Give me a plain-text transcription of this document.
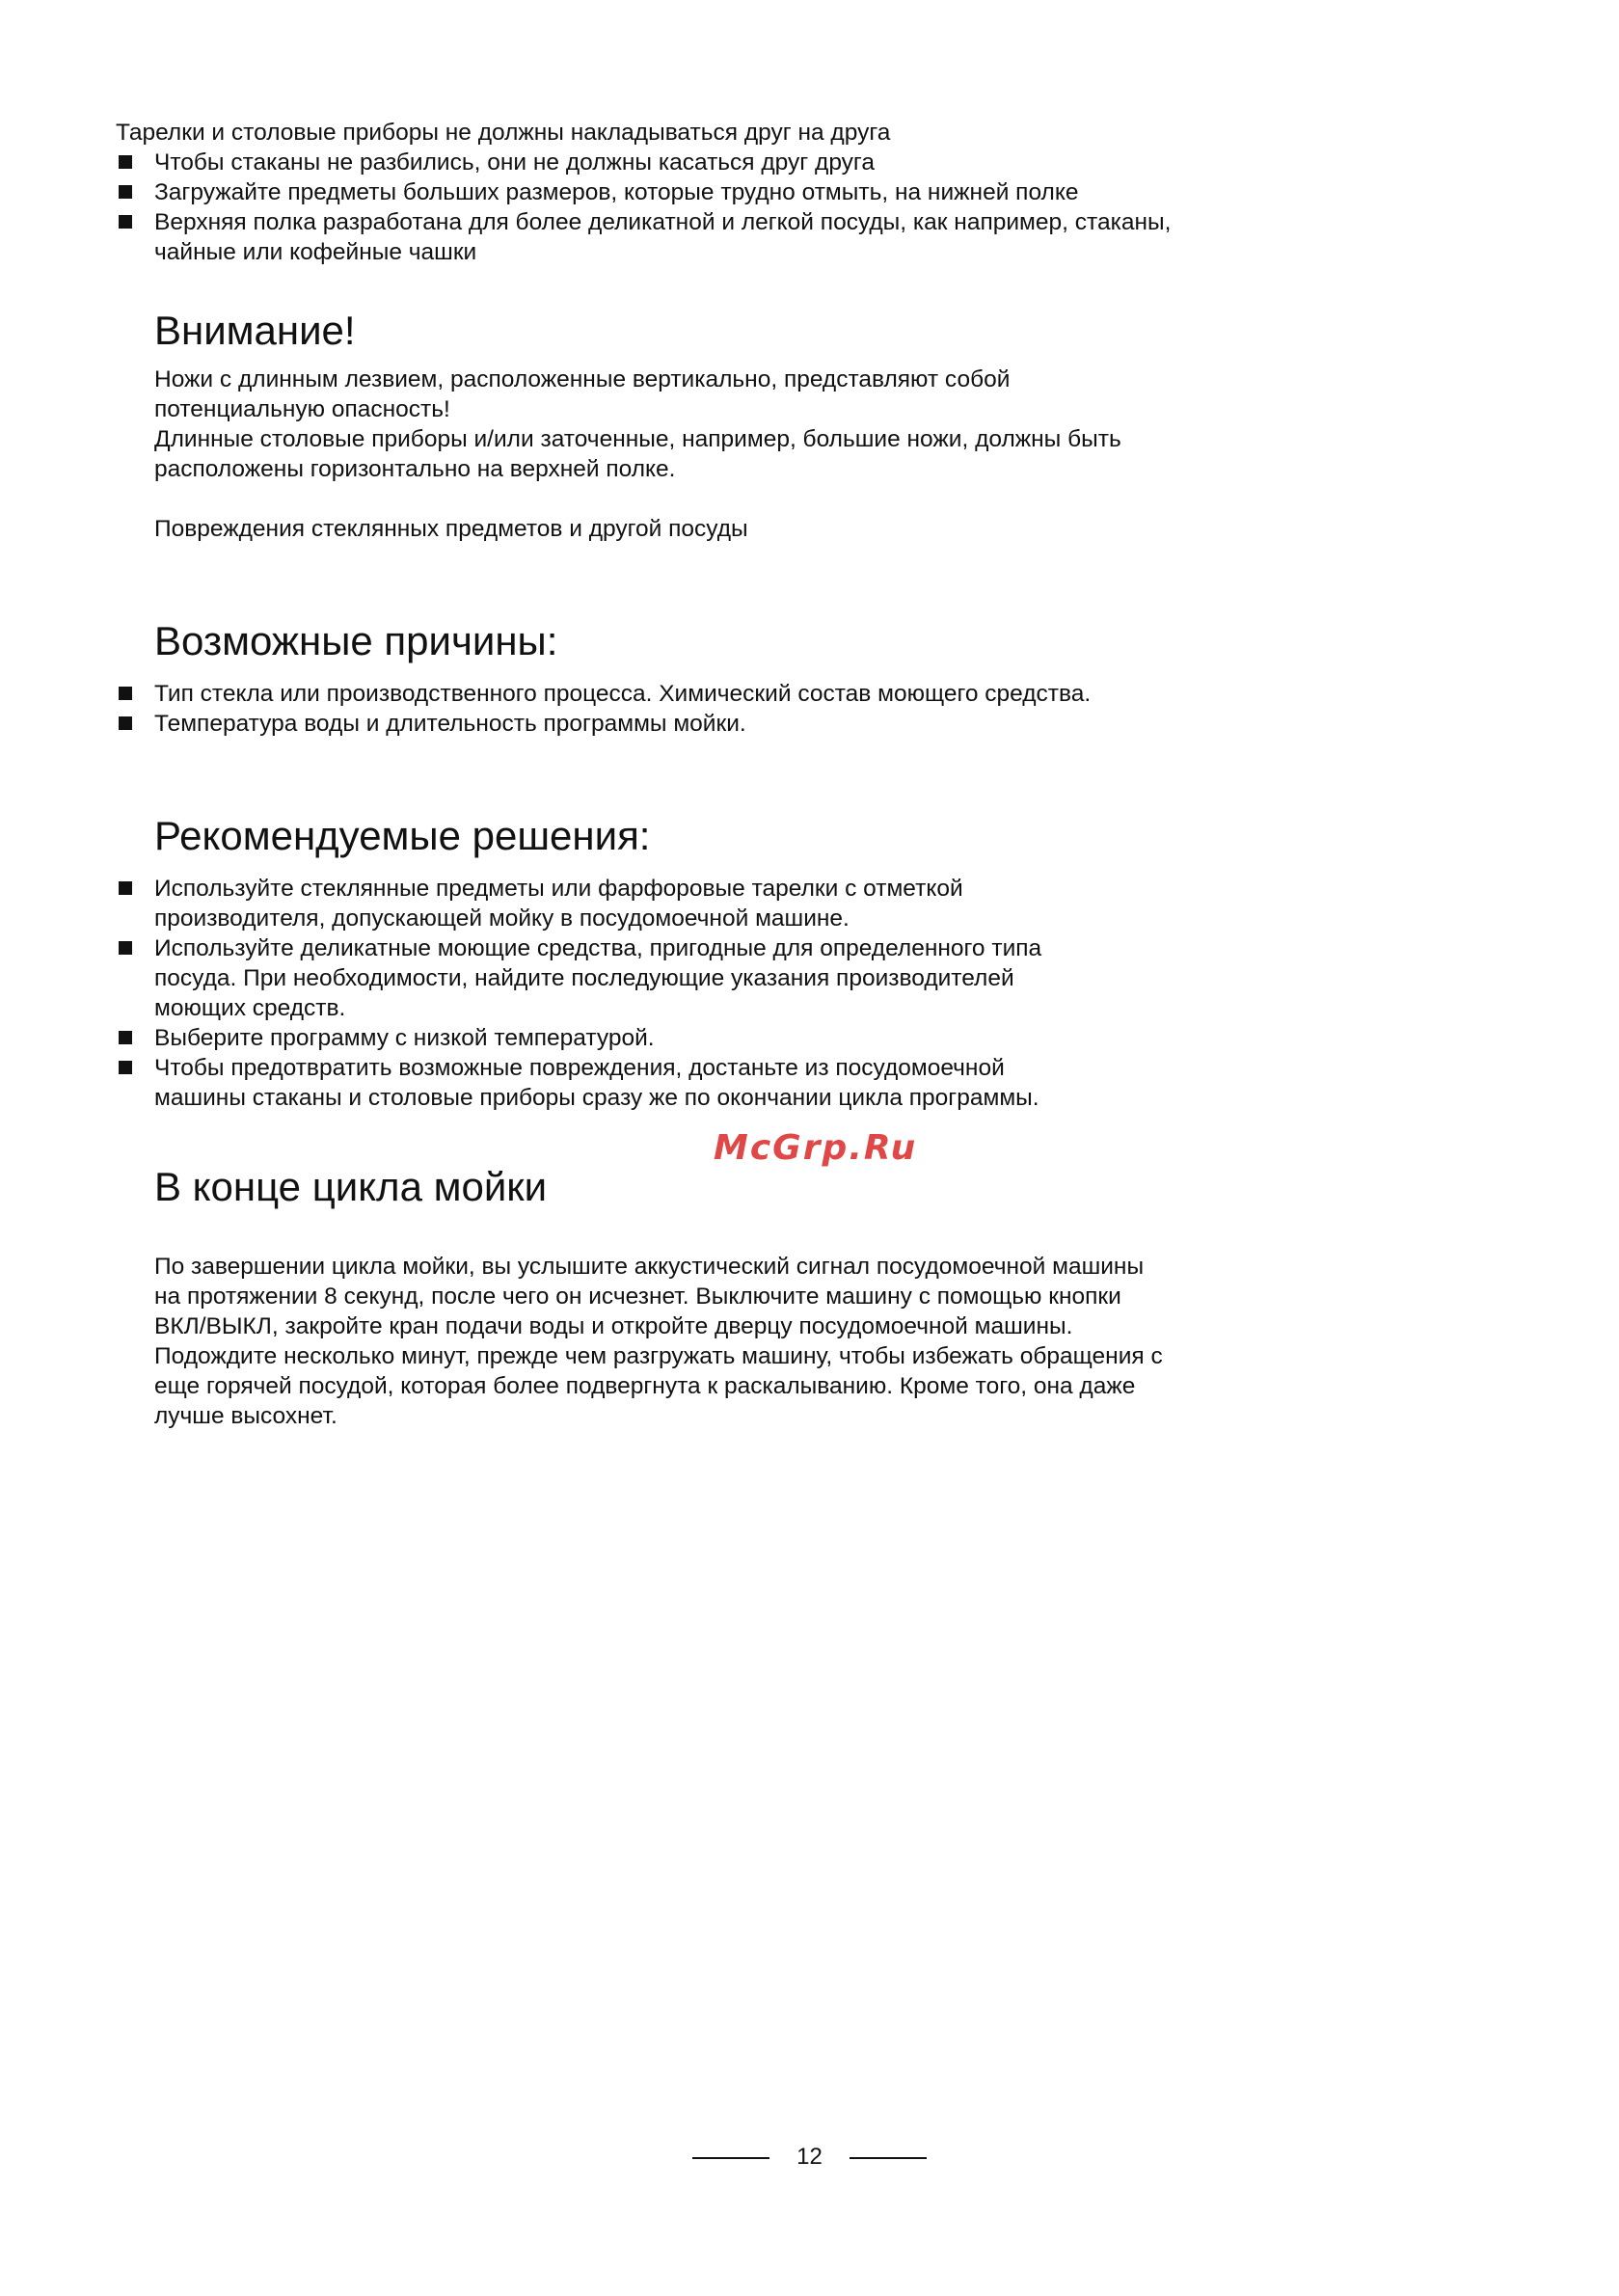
Тарелки и столовые приборы не должны накладываться друг на друга

Чтобы стаканы не разбились, они не должны касаться друг друга
Загружайте предметы больших размеров, которые трудно отмыть, на нижней полке
Верхняя полка разработана для более деликатной и легкой посуды, как например, стаканы, чайные или кофейные чашки
Внимание!

Ножи с длинным лезвием, расположенные вертикально, представляют собой потенциальную опасность!

Длинные столовые приборы и/или заточенные, например, большие ножи, должны быть расположены горизонтально на верхней полке.

Повреждения стеклянных предметов и другой посуды

Возможные причины:
Тип стекла или производственного процесса. Химический состав моющего средства.
Температура воды и длительность программы мойки.
Рекомендуемые решения:
Используйте стеклянные предметы или фарфоровые тарелки с отметкой производителя, допускающей мойку в посудомоечной машине.
Используйте деликатные моющие средства, пригодные для определенного типа посуда. При необходимости, найдите последующие указания производителей моющих средств.
Выберите программу с низкой температурой.
Чтобы предотвратить возможные повреждения, достаньте из посудомоечной машины стаканы и столовые приборы сразу же по окончании цикла программы.
McGrp.Ru
В конце цикла мойки

По завершении цикла мойки, вы услышите аккустический сигнал посудомоечной машины на протяжении 8 секунд, после чего он исчезнет. Выключите машину с помощью кнопки ВКЛ/ВЫКЛ, закройте кран подачи воды и откройте дверцу посудомоечной машины. Подождите несколько минут, прежде чем разгружать машину, чтобы избежать обращения с еще горячей посудой, которая более подвергнута к раскалыванию. Кроме того, она даже лучше высохнет.

12
